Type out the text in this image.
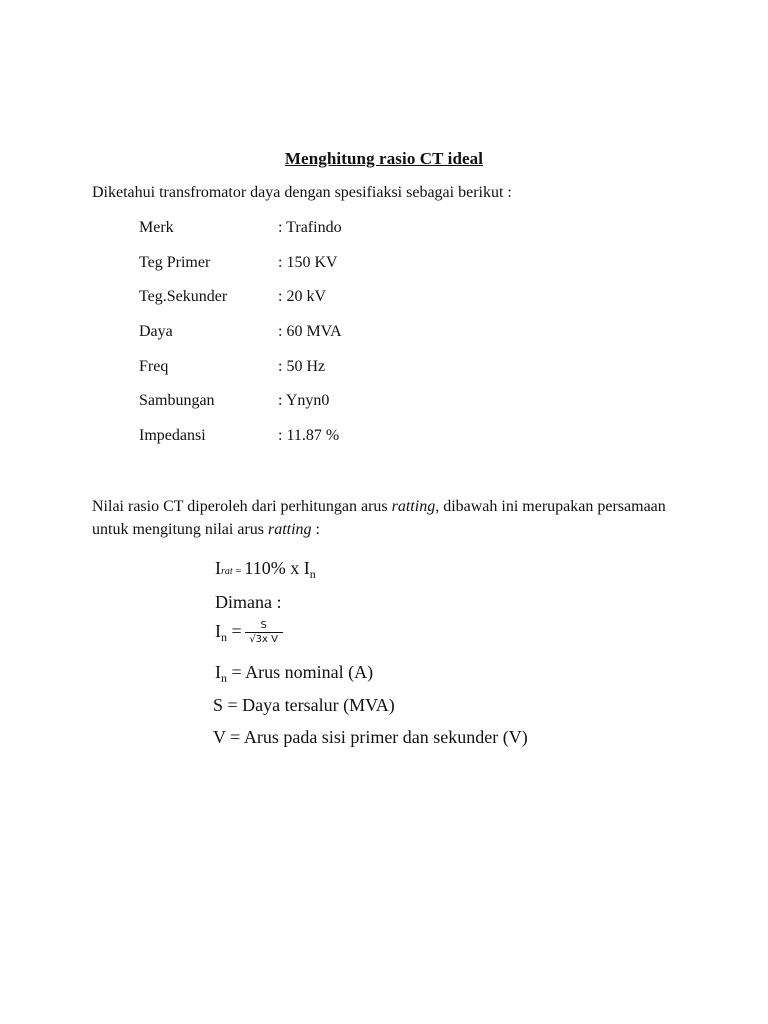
Menghitung rasio CT ideal
Diketahui transfromator daya dengan spesifiaksi sebagai berikut :
Merk	: Trafindo
Teg Primer	: 150 KV
Teg.Sekunder	: 20 kV
Daya	: 60 MVA
Freq	: 50 Hz
Sambungan	: Ynyn0
Impedansi	: 11.87 %
Nilai rasio CT diperoleh dari perhitungan arus ratting, dibawah ini merupakan persamaan untuk mengitung nilai arus ratting :
Irat = 110% x $I_n$
Dimana :
$I_n = \frac{S}{\text{√3x V}}$
$I_n$ = Arus nominal (A)
S = Daya tersalur (MVA)
V = Arus pada sisi primer dan sekunder (V)
